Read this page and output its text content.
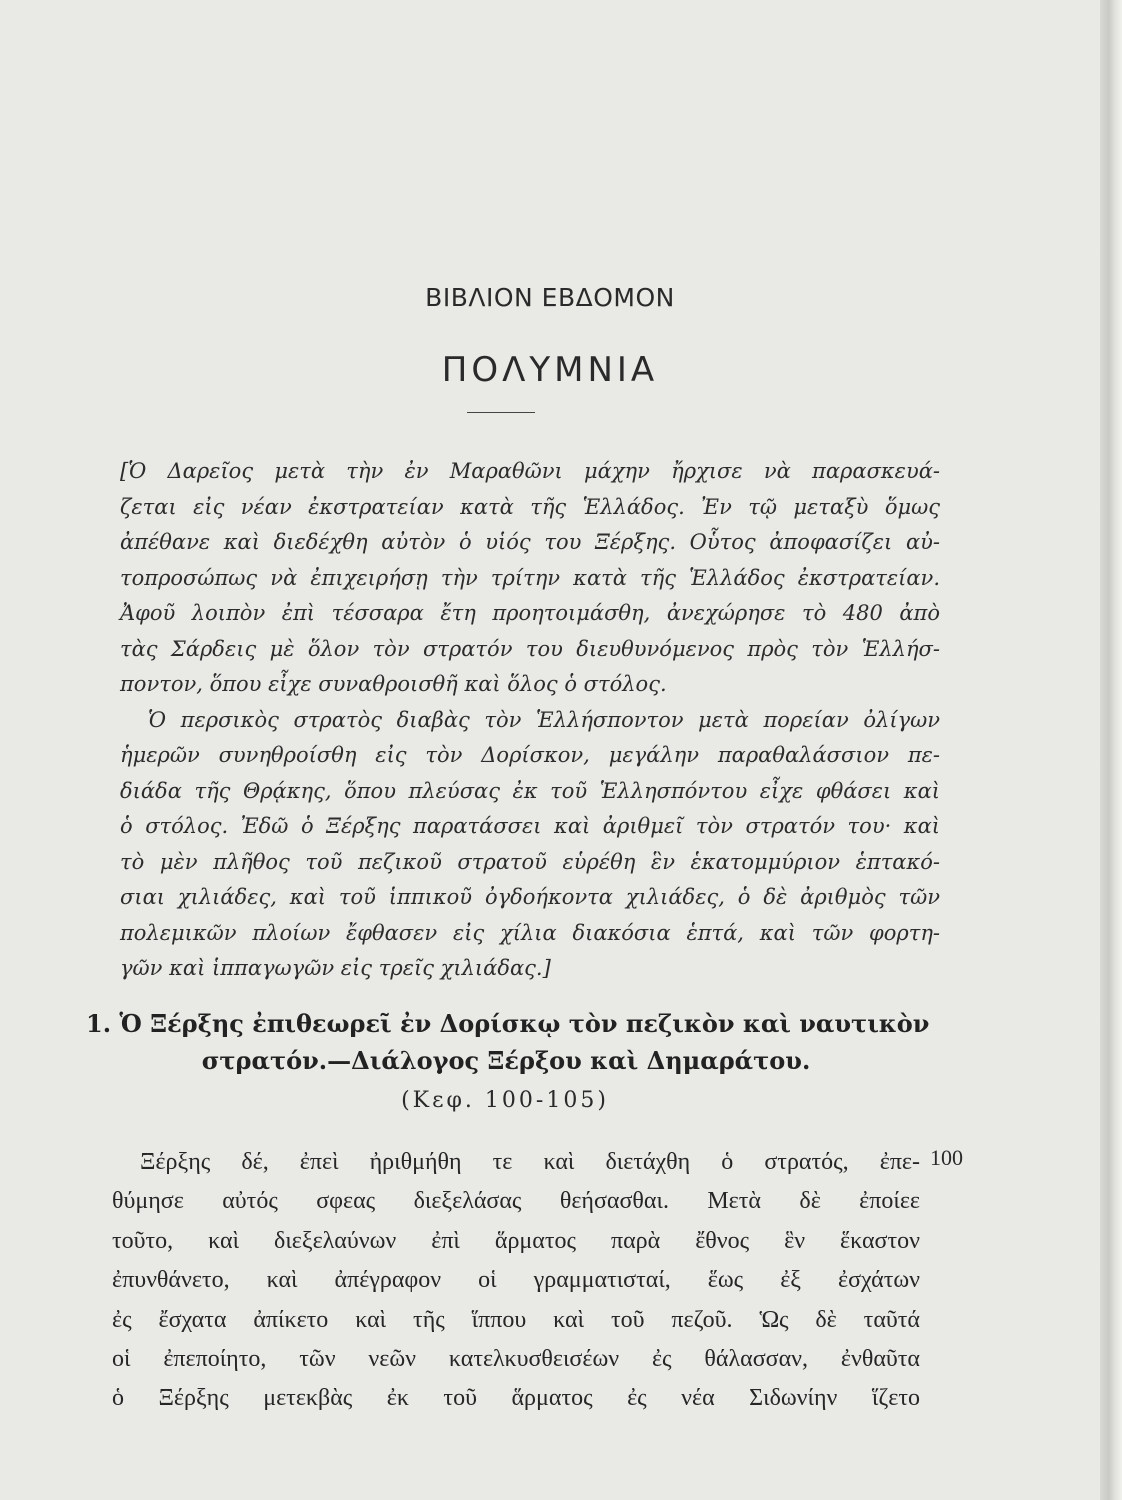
ΒΙΒΛΙΟΝ ΕΒΔΟΜΟΝ
ΠΟΛΥΜΝΙΑ
[Ὁ Δαρεῖος μετὰ τὴν ἐν Μαραθῶνι μάχην ἤρχισε νὰ παρασκευά-
ζεται εἰς νέαν ἐκστρατείαν κατὰ τῆς Ἑλλάδος. Ἐν τῷ μεταξὺ ὅμως
ἀπέθανε καὶ διεδέχθη αὐτὸν ὁ υἱός του Ξέρξης. Οὗτος ἀποφασίζει αὐ-
τοπροσώπως νὰ ἐπιχειρήσῃ τὴν τρίτην κατὰ τῆς Ἑλλάδος ἐκστρατείαν.
Ἀφοῦ λοιπὸν ἐπὶ τέσσαρα ἔτη προητοιμάσθη, ἀνεχώρησε τὸ 480 ἀπὸ
τὰς Σάρδεις μὲ ὅλον τὸν στρατόν του διευθυνόμενος πρὸς τὸν Ἑλλήσ-
ποντον, ὅπου εἶχε συναθροισθῆ καὶ ὅλος ὁ στόλος.
Ὁ περσικὸς στρατὸς διαβὰς τὸν Ἑλλήσποντον μετὰ πορείαν ὀλίγων
ἡμερῶν συνηθροίσθη εἰς τὸν Δορίσκον, μεγάλην παραθαλάσσιον πε-
διάδα τῆς Θρᾴκης, ὅπου πλεύσας ἐκ τοῦ Ἑλλησπόντου εἶχε φθάσει καὶ
ὁ στόλος. Ἐδῶ ὁ Ξέρξης παρατάσσει καὶ ἀριθμεῖ τὸν στρατόν του· καὶ
τὸ μὲν πλῆθος τοῦ πεζικοῦ στρατοῦ εὑρέθη ἓν ἑκατομμύριον ἑπτακό-
σιαι χιλιάδες, καὶ τοῦ ἱππικοῦ ὀγδοήκοντα χιλιάδες, ὁ δὲ ἀριθμὸς τῶν
πολεμικῶν πλοίων ἔφθασεν εἰς χίλια διακόσια ἑπτά, καὶ τῶν φορτη-
γῶν καὶ ἱππαγωγῶν εἰς τρεῖς χιλιάδας.]
1. Ὁ Ξέρξης ἐπιθεωρεῖ ἐν Δορίσκῳ τὸν πεζικὸν καὶ ναυτικὸν
στρατόν.—Διάλογος Ξέρξου καὶ Δημαράτου.
(Κεφ. 100-105)
100
Ξέρξης δέ, ἐπεὶ ἠριθμήθη τε καὶ διετάχθη ὁ στρατός, ἐπε-
θύμησε αὐτός σφεας διεξελάσας θεήσασθαι. Μετὰ δὲ ἐποίεε
τοῦτο, καὶ διεξελαύνων ἐπὶ ἅρματος παρὰ ἔθνος ἓν ἕκαστον
ἐπυνθάνετο, καὶ ἀπέγραφον οἱ γραμματισταί, ἕως ἐξ ἐσχάτων
ἐς ἔσχατα ἀπίκετο καὶ τῆς ἵππου καὶ τοῦ πεζοῦ. Ὡς δὲ ταῦτά
οἱ ἐπεποίητο, τῶν νεῶν κατελκυσθεισέων ἐς θάλασσαν, ἐνθαῦτα
ὁ Ξέρξης μετεκβὰς ἐκ τοῦ ἅρματος ἐς νέα Σιδωνίην ἵζετο
